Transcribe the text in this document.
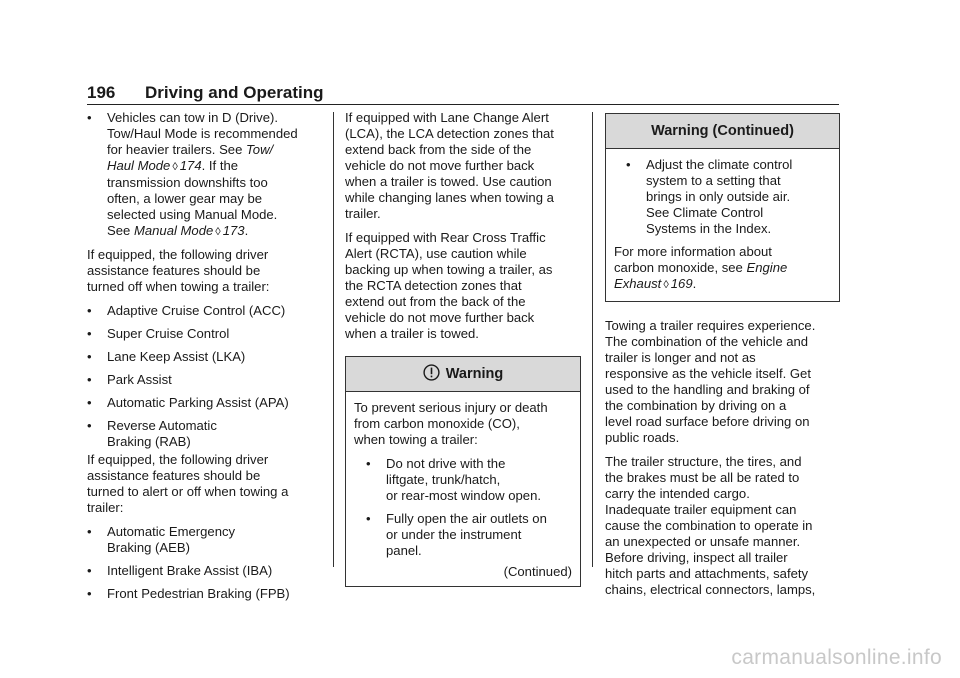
196 Driving and Operating
• Vehicles can tow in D (Drive).
Tow/Haul Mode is recommended
for heavier trailers. See Tow/
Haul Mode ◊ 174. If the
transmission downshifts too
often, a lower gear may be
selected using Manual Mode.
See Manual Mode ◊ 173.

If equipped, the following driver
assistance features should be
turned off when towing a trailer:

• Adaptive Cruise Control (ACC)
• Super Cruise Control
• Lane Keep Assist (LKA)
• Park Assist
• Automatic Parking Assist (APA)
• Reverse Automatic
Braking (RAB)

If equipped, the following driver
assistance features should be
turned to alert or off when towing a
trailer:

• Automatic Emergency
Braking (AEB)
• Intelligent Brake Assist (IBA)
• Front Pedestrian Braking (FPB)

If equipped with Lane Change Alert
(LCA), the LCA detection zones that
extend back from the side of the
vehicle do not move further back
when a trailer is towed. Use caution
while changing lanes when towing a
trailer.

If equipped with Rear Cross Traffic
Alert (RCTA), use caution while
backing up when towing a trailer, as
the RCTA detection zones that
extend out from the back of the
vehicle do not move further back
when a trailer is towed.

Warning

To prevent serious injury or death
from carbon monoxide (CO),
when towing a trailer:

• Do not drive with the
liftgate, trunk/hatch,
or rear-most window open.
• Fully open the air outlets on
or under the instrument
panel.
(Continued)
Warning (Continued)
• Adjust the climate control
system to a setting that
brings in only outside air.
See Climate Control
Systems in the Index.

For more information about
carbon monoxide, see Engine
Exhaust ◊ 169.

Towing a trailer requires experience.
The combination of the vehicle and
trailer is longer and not as
responsive as the vehicle itself. Get
used to the handling and braking of
the combination by driving on a
level road surface before driving on
public roads.

The trailer structure, the tires, and
the brakes must be all be rated to
carry the intended cargo.
Inadequate trailer equipment can
cause the combination to operate in
an unexpected or unsafe manner.
Before driving, inspect all trailer
hitch parts and attachments, safety
chains, electrical connectors, lamps,

carmanualsonline.info
